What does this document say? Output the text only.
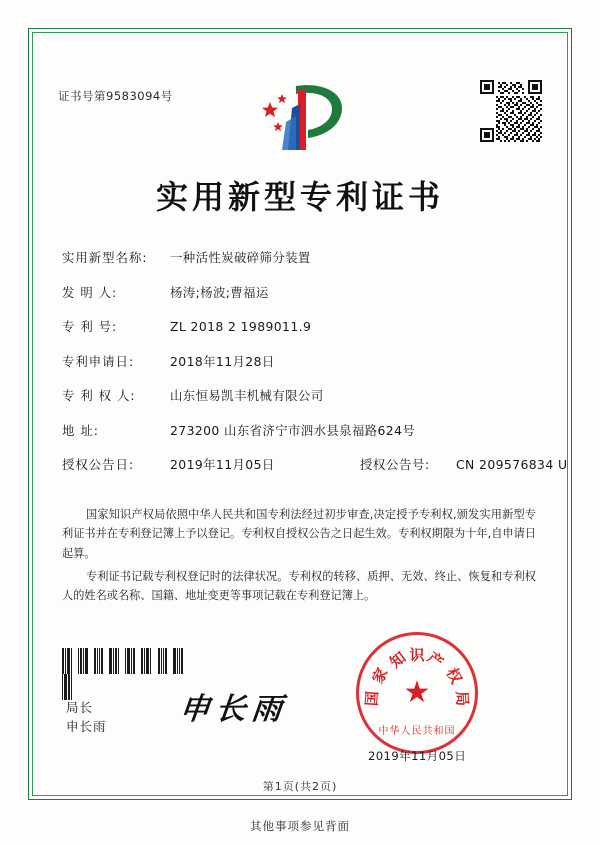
证书号第9583094号
实用新型专利证书
实用新型名称:	一种活性炭破碎筛分装置
发 明 人:	杨涛;杨波;曹福运
专 利 号:	ZL 2018 2 1989011.9
专利申请日:	2018年11月28日
专 利 权 人:	山东恒易凯丰机械有限公司
地 址:	273200 山东省济宁市泗水县泉福路624号
授权公告日:	2019年11月05日	授权公告号:	CN 209576834 U

国家知识产权局依照中华人民共和国专利法经过初步审查,决定授予专利权,颁发实用新型专利证书并在专利登记簿上予以登记。专利权自授权公告之日起生效。专利权期限为十年,自申请日起算。

专利证书记载专利权登记时的法律状况。专利权的转移、质押、无效、终止、恢复和专利权人的姓名或名称、国籍、地址变更等事项记载在专利登记簿上。

局长
申长雨 申长雨	★
识 产
权
局
知
家
国
中华人民共和国
2019年11月05日
第1页(共2页)
其他事项参见背面
